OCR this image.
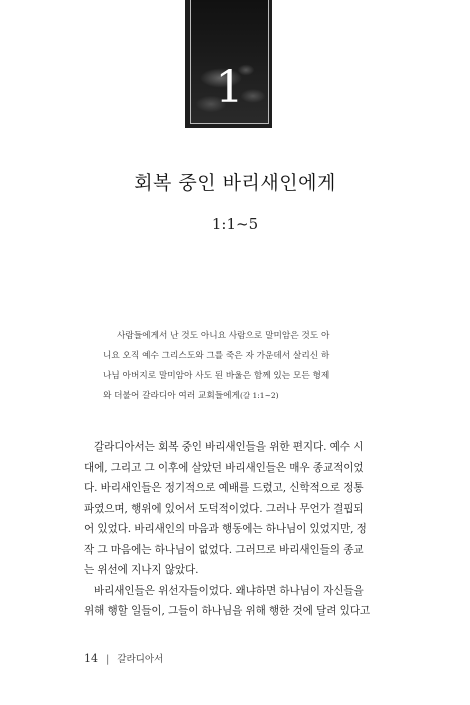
1
회복 중인 바리새인에게
1:1~5
사람들에게서 난 것도 아니요 사람으로 말미암은 것도 아
니요 오직 예수 그리스도와 그를 죽은 자 가운데서 살리신 하
나님 아버지로 말미암아 사도 된 바울은 함께 있는 모든 형제
와 더불어 갈라디아 여러 교회들에게(갈 1:1~2)
갈라디아서는 회복 중인 바리새인들을 위한 편지다. 예수 시
대에, 그리고 그 이후에 살았던 바리새인들은 매우 종교적이었
다. 바리새인들은 정기적으로 예배를 드렸고, 신학적으로 정통
파였으며, 행위에 있어서 도덕적이었다. 그러나 무언가 결핍되
어 있었다. 바리새인의 마음과 행동에는 하나님이 있었지만, 정
작 그 마음에는 하나님이 없었다. 그러므로 바리새인들의 종교
는 위선에 지나지 않았다.
바리새인들은 위선자들이었다. 왜냐하면 하나님이 자신들을
위해 행할 일들이, 그들이 하나님을 위해 행한 것에 달려 있다고
14 | 갈라디아서
